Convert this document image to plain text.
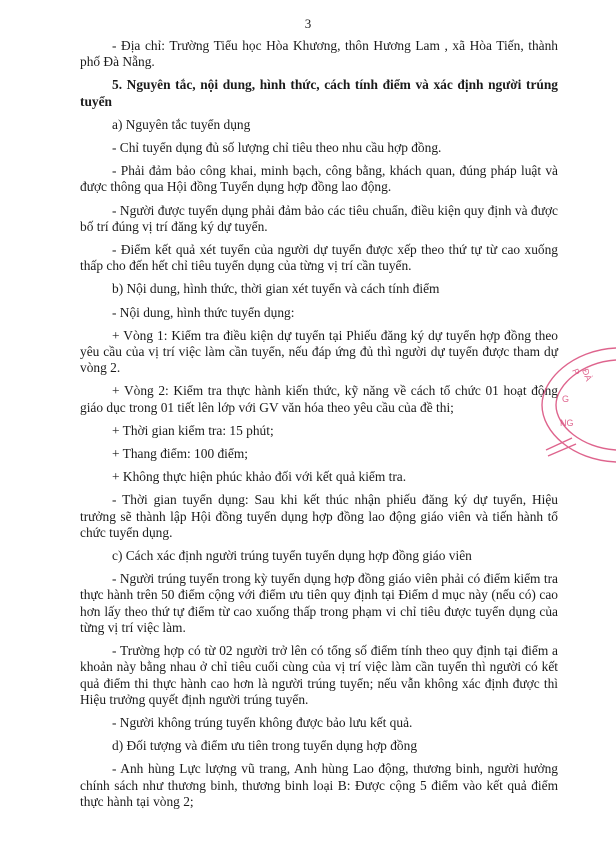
3

- Địa chỉ: Trường Tiểu học Hòa Khương, thôn Hương Lam , xã Hòa Tiến, thành phố Đà Nẵng.

5. Nguyên tắc, nội dung, hình thức, cách tính điểm và xác định người trúng tuyển

a) Nguyên tắc tuyển dụng

- Chỉ tuyển dụng đủ số lượng chỉ tiêu theo nhu cầu hợp đồng.

- Phải đảm bảo công khai, minh bạch, công bằng, khách quan, đúng pháp luật và được thông qua Hội đồng Tuyển dụng hợp đồng lao động.

- Người được tuyển dụng phải đảm bảo các tiêu chuẩn, điều kiện quy định và được bố trí đúng vị trí đăng ký dự tuyển.

- Điểm kết quả xét tuyển của người dự tuyển được xếp theo thứ tự từ cao xuống thấp cho đến hết chỉ tiêu tuyển dụng của từng vị trí cần tuyển.

b) Nội dung, hình thức, thời gian xét tuyển và cách tính điểm

- Nội dung, hình thức tuyển dụng:

+ Vòng 1: Kiểm tra điều kiện dự tuyển tại Phiếu đăng ký dự tuyển hợp đồng theo yêu cầu của vị trí việc làm cần tuyển, nếu đáp ứng đủ thì người dự tuyển được tham dự vòng 2.

+ Vòng 2: Kiểm tra thực hành kiến thức, kỹ năng về cách tổ chức 01 hoạt động giáo dục trong 01 tiết lên lớp với GV văn hóa theo yêu cầu của đề thi;

+ Thời gian kiểm tra: 15 phút;

+ Thang điểm: 100 điểm;

+ Không thực hiện phúc khảo đối với kết quả kiểm tra.

- Thời gian tuyển dụng: Sau khi kết thúc nhận phiếu đăng ký dự tuyển, Hiệu trưởng sẽ thành lập Hội đồng tuyển dụng hợp đồng lao động giáo viên và tiến hành tổ chức tuyển dụng.

c) Cách xác định người trúng tuyển tuyển dụng hợp đồng giáo viên

- Người trúng tuyển trong kỳ tuyển dụng hợp đồng giáo viên phải có điểm kiểm tra thực hành trên 50 điểm cộng với điểm ưu tiên quy định tại Điểm d mục này (nếu có) cao hơn lấy theo thứ tự điểm từ cao xuống thấp trong phạm vi chỉ tiêu được tuyển dụng của từng vị trí việc làm.

- Trường hợp có từ 02 người trở lên có tổng số điểm tính theo quy định tại điểm a khoản này bằng nhau ở chỉ tiêu cuối cùng của vị trí việc làm cần tuyển thì người có kết quả điểm thi thực hành cao hơn là người trúng tuyển; nếu vẫn không xác định được thì Hiệu trưởng quyết định người trúng tuyển.

- Người không trúng tuyển không được bảo lưu kết quả.

d) Đối tượng và điểm ưu tiên trong tuyển dụng hợp đồng

- Anh hùng Lực lượng vũ trang, Anh hùng Lao động, thương binh, người hưởng chính sách như thương binh, thương binh loại B: Được cộng 5 điểm vào kết quả điểm thực hành tại vòng 2;

G
NG
P
ĐÀ
